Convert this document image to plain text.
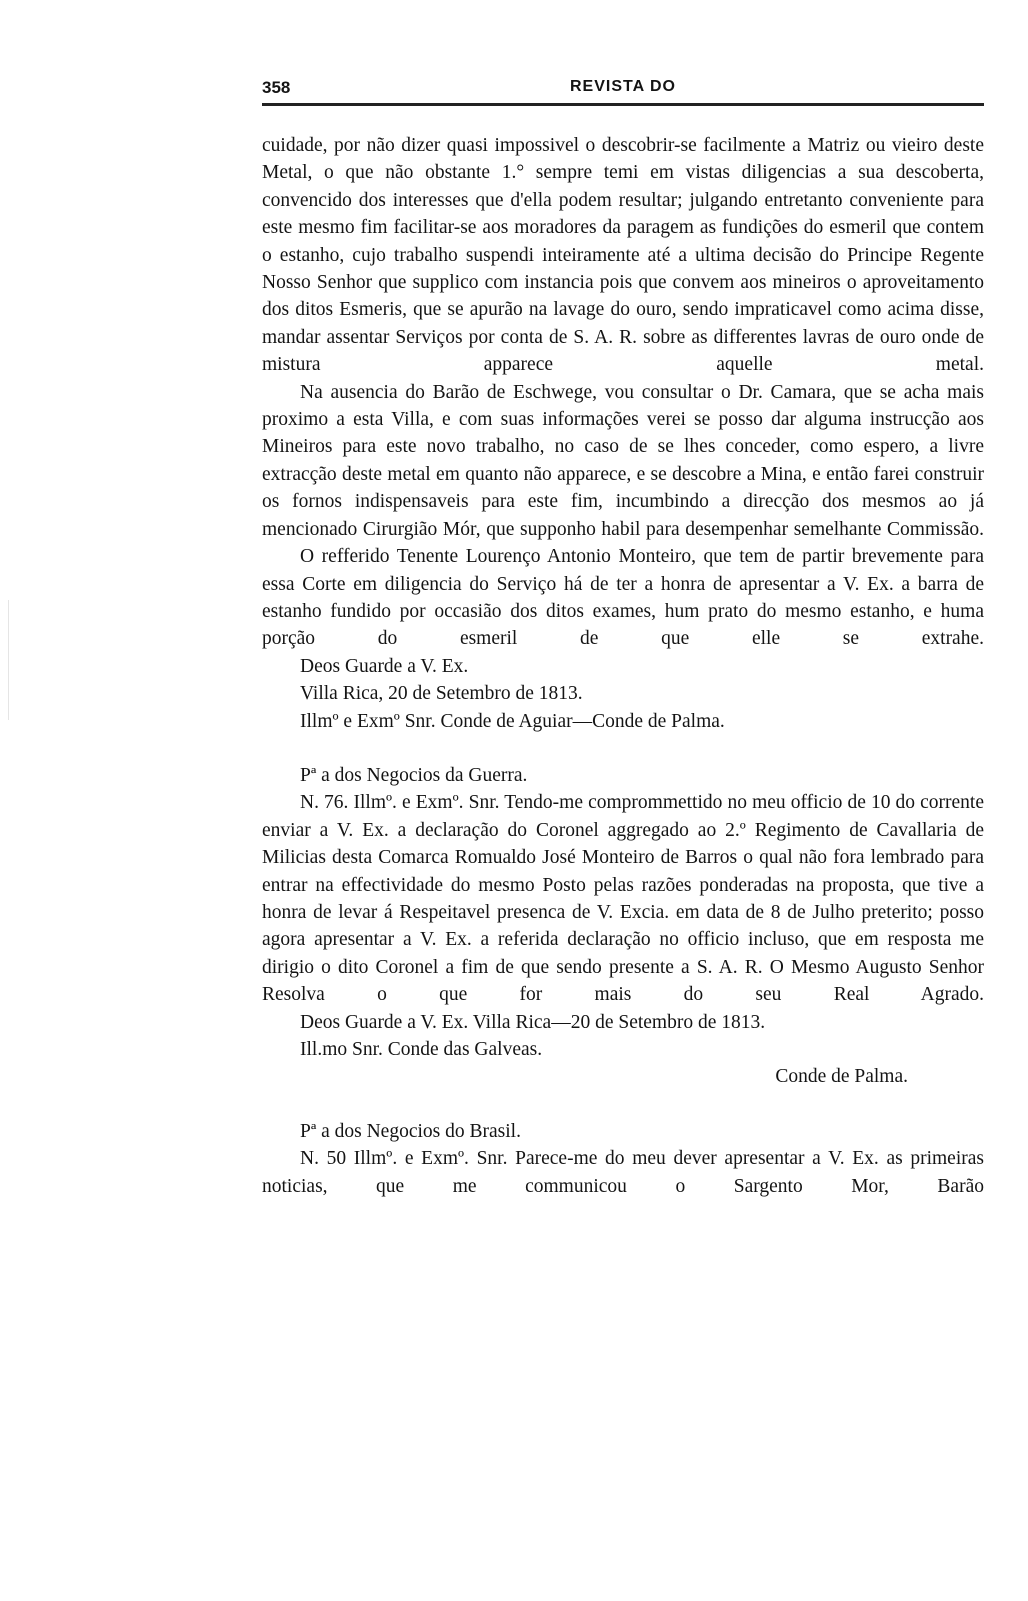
358	REVISTA DO

cuidade, por não dizer quasi impossivel o descobrir-se facilmente a Matriz ou vieiro deste Metal, o que não obstante 1.° sempre temi em vistas diligencias a sua descoberta, convencido dos interesses que d'ella podem resultar; julgando entretanto conveniente para este mesmo fim facilitar-se aos moradores da paragem as fundições do esmeril que contem o estanho, cujo trabalho suspendi inteiramente até a ultima decisão do Principe Regente Nosso Senhor que supplico com instancia pois que convem aos mineiros o aproveitamento dos ditos Esmeris, que se apurão na lavage do ouro, sendo impraticavel como acima disse, mandar assentar Serviços por conta de S. A. R. sobre as differentes lavras de ouro onde de mistura apparece aquelle metal.

Na ausencia do Barão de Eschwege, vou consultar o Dr. Camara, que se acha mais proximo a esta Villa, e com suas informações verei se posso dar alguma instrucção aos Mineiros para este novo trabalho, no caso de se lhes conceder, como espero, a livre extracção deste metal em quanto não apparece, e se descobre a Mina, e então farei construir os fornos indispensaveis para este fim, incumbindo a direcção dos mesmos ao já mencionado Cirurgião Mór, que supponho habil para desempenhar semelhante Commissão.

O refferido Tenente Lourenço Antonio Monteiro, que tem de partir brevemente para essa Corte em diligencia do Serviço há de ter a honra de apresentar a V. Ex. a barra de estanho fundido por occasião dos ditos exames, hum prato do mesmo estanho, e huma porção do esmeril de que elle se extrahe.

Deos Guarde a V. Ex.

Villa Rica, 20 de Setembro de 1813.

Illmº e Exmº Snr. Conde de Aguiar—Conde de Palma.

Pª a dos Negocios da Guerra.

N. 76. Illmº. e Exmº. Snr. Tendo-me comprommettido no meu officio de 10 do corrente enviar a V. Ex. a declaração do Coronel aggregado ao 2.º Regimento de Cavallaria de Milicias desta Comarca Romualdo José Monteiro de Barros o qual não fora lembrado para entrar na effectividade do mesmo Posto pelas razões ponderadas na proposta, que tive a honra de levar á Respeitavel presenca de V. Excia. em data de 8 de Julho preterito; posso agora apresentar a V. Ex. a referida declaração no officio incluso, que em resposta me dirigio o dito Coronel a fim de que sendo presente a S. A. R. O Mesmo Augusto Senhor Resolva o que for mais do seu Real Agrado.

Deos Guarde a V. Ex. Villa Rica—20 de Setembro de 1813.

Ill.mo Snr. Conde das Galveas.

Conde de Palma.

Pª a dos Negocios do Brasil.

N. 50 Illmº. e Exmº. Snr. Parece-me do meu dever apresentar a V. Ex. as primeiras noticias, que me communicou o Sargento Mor, Barão
